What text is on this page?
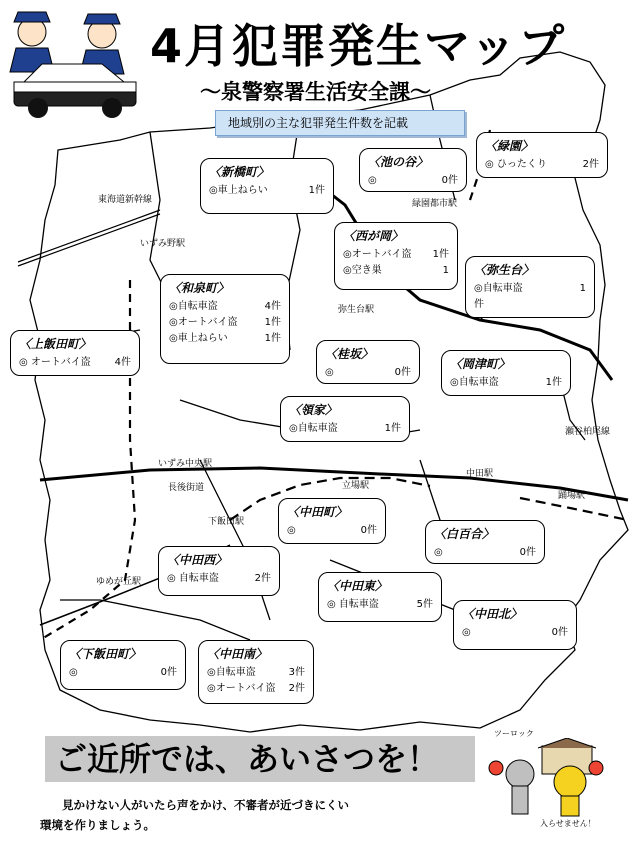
4月犯罪発生マップ
～泉警察署生活安全課～
地域別の主な犯罪発生件数を記載
東海道新幹線
いずみ野駅
緑園都市駅
弥生台駅
いずみ中央駅
長後街道	立場駅
中田駅
踊場駅
下飯田駅
ゆめが丘駅
瀬谷柏尾線
〈新橋町〉
◎車上ねらい	1件
〈池の谷〉
◎	0件
〈緑園〉
◎ ひったくり	2件
〈西が岡〉
◎オートバイ盗	1件
◎空き巣	1 〈弥生台〉
◎自転車盗	1
件
〈和泉町〉
◎自転車盗	4件
◎オートバイ盗	1件
◎車上ねらい	1件
〈上飯田町〉
◎ オートバイ盗	4件
〈桂坂〉
◎	0件
〈岡津町〉
◎自転車盗	1件
〈領家〉
◎自転車盗	1件
〈中田町〉
◎	0件	〈白百合〉
◎	0件
〈中田西〉
◎ 自転車盗	2件
〈中田東〉
◎ 自転車盗	5件
〈中田北〉
◎	0件
〈下飯田町〉
◎	0件
〈中田南〉
◎自転車盗	3件
◎オートバイ盗	2件
ご近所では、あいさつを！
見かけない人がいたら声をかけ、不審者が近づきにくい
環境を作りましょう。
ツーロック
入らせません！
